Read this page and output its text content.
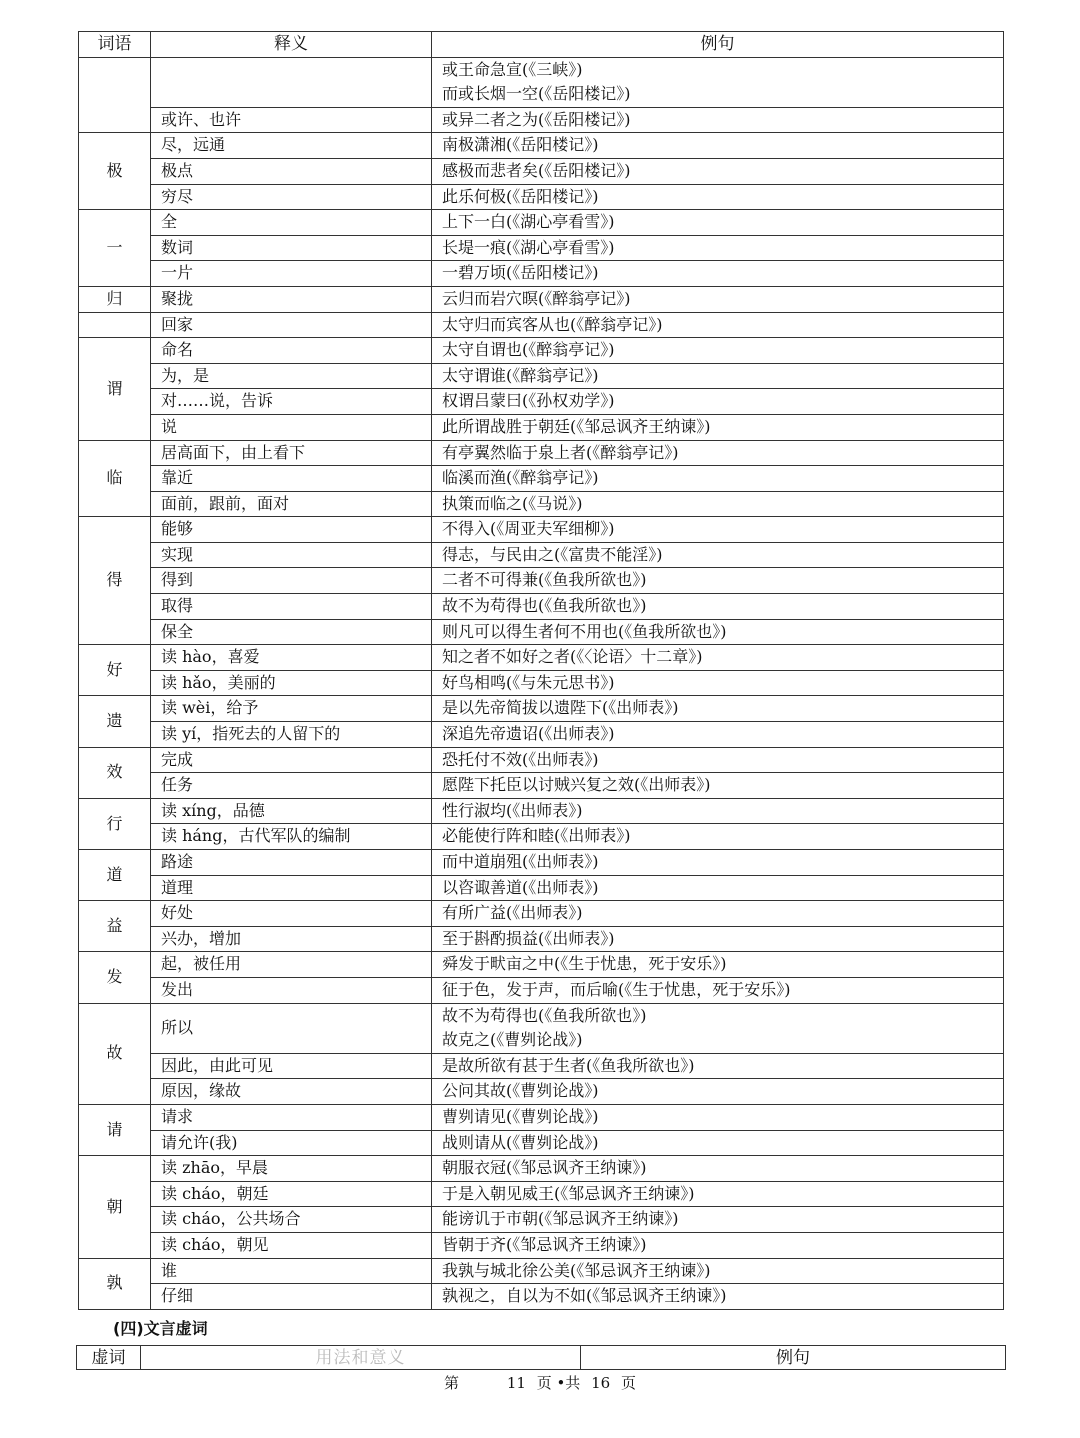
词语	释义	例句

		或王命急宣(《三峡》)
而或长烟一空(《岳阳楼记》)

	或许、也许	或异二者之为(《岳阳楼记》)

极	尽，远通	南极潇湘(《岳阳楼记》)

	极点	感极而悲者矣(《岳阳楼记》)

	穷尽	此乐何极(《岳阳楼记》)

一	全	上下一白(《湖心亭看雪》)

	数词	长堤一痕(《湖心亭看雪》)

	一片	一碧万顷(《岳阳楼记》)

归	聚拢	云归而岩穴暝(《醉翁亭记》)

	回家	太守归而宾客从也(《醉翁亭记》)

谓	命名	太守自谓也(《醉翁亭记》)

	为，是	太守谓谁(《醉翁亭记》)

	对……说，告诉	权谓吕蒙曰(《孙权劝学》)

	说	此所谓战胜于朝廷(《邹忌讽齐王纳谏》)

临	居高面下，由上看下	有亭翼然临于泉上者(《醉翁亭记》)

	靠近	临溪而渔(《醉翁亭记》)

	面前，跟前，面对	执策而临之(《马说》)

得	能够	不得入(《周亚夫军细柳》)

	实现	得志，与民由之(《富贵不能淫》)

	得到	二者不可得兼(《鱼我所欲也》)

	取得	故不为苟得也(《鱼我所欲也》)

	保全	则凡可以得生者何不用也(《鱼我所欲也》)

好	读 hào，喜爱	知之者不如好之者(《〈论语〉十二章》)

	读 hǎo，美丽的	好鸟相鸣(《与朱元思书》)

遗	读 wèi，给予	是以先帝简拔以遗陛下(《出师表》)

	读 yí，指死去的人留下的	深追先帝遗诏(《出师表》)

效	完成	恐托付不效(《出师表》)

	任务	愿陛下托臣以讨贼兴复之效(《出师表》)

行	读 xíng，品德	性行淑均(《出师表》)

	读 háng，古代军队的编制	必能使行阵和睦(《出师表》)

道	路途	而中道崩殂(《出师表》)

	道理	以咨诹善道(《出师表》)

益	好处	有所广益(《出师表》)

	兴办，增加	至于斟酌损益(《出师表》)

发	起，被任用	舜发于畎亩之中(《生于忧患，死于安乐》)

	发出	征于色，发于声，而后喻(《生于忧患，死于安乐》)

故	所以	故不为苟得也(《鱼我所欲也》)
故克之(《曹刿论战》)

	因此，由此可见	是故所欲有甚于生者(《鱼我所欲也》)

	原因，缘故	公问其故(《曹刿论战》)

请	请求	曹刿请见(《曹刿论战》)

	请允许(我)	战则请从(《曹刿论战》)

朝	读 zhāo，早晨	朝服衣冠(《邹忌讽齐王纳谏》)

	读 cháo，朝廷	于是入朝见威王(《邹忌讽齐王纳谏》)

	读 cháo，公共场合	能谤讥于市朝(《邹忌讽齐王纳谏》)

	读 cháo，朝见	皆朝于齐(《邹忌讽齐王纳谏》)

孰	谁	我孰与城北徐公美(《邹忌讽齐王纳谏》)

	仔细	孰视之，自以为不如(《邹忌讽齐王纳谏》)
(四)文言虚词
虚词	用法和意义	例句
第	11 页 •共 16 页
